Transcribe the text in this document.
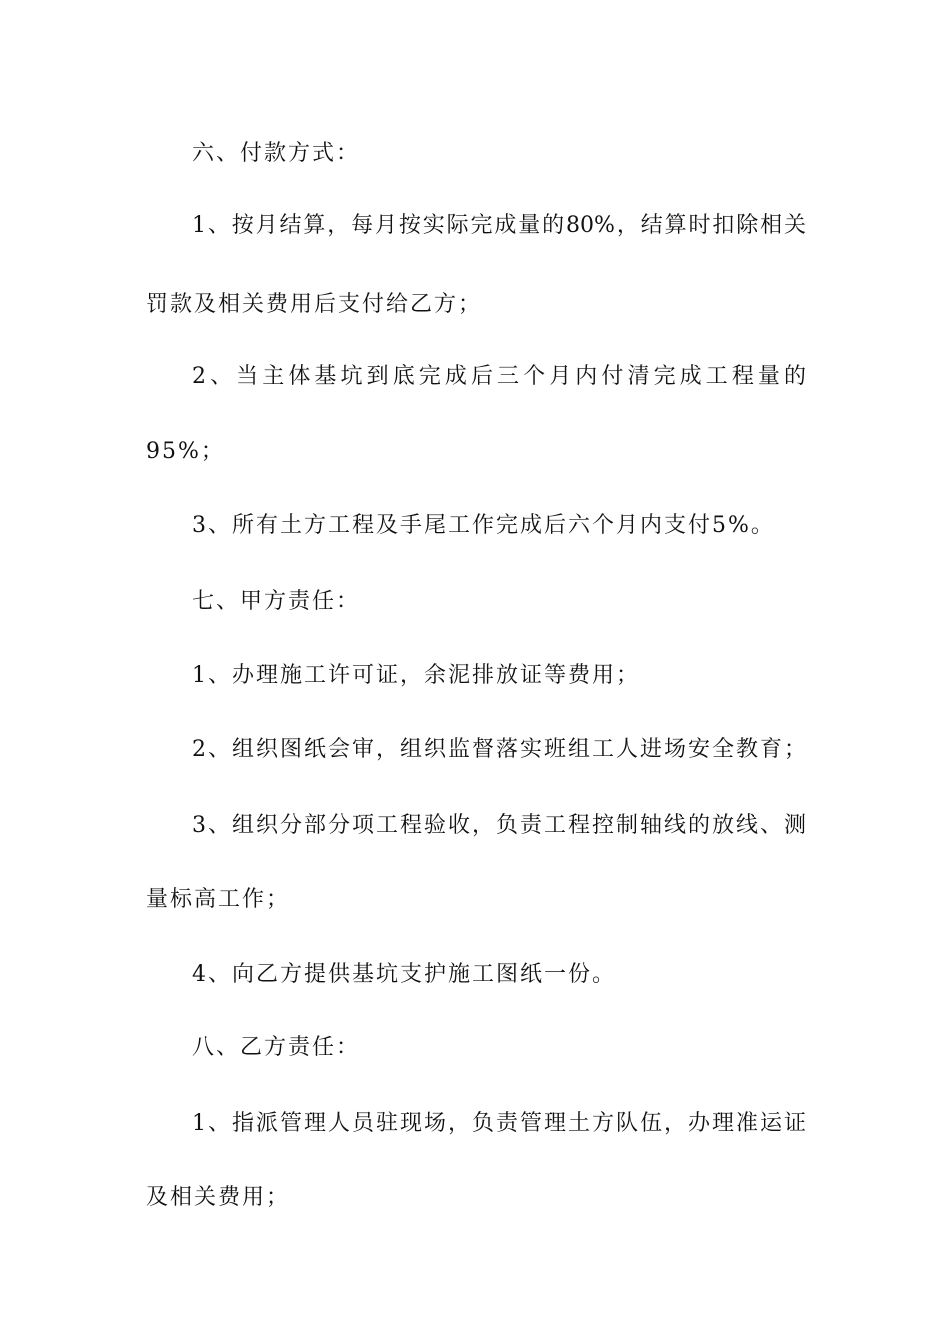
六、付款方式：
1、按月结算，每月按实际完成量的80%，结算时扣除相关
罚款及相关费用后支付给乙方；
2、当主体基坑到底完成后三个月内付清完成工程量的
95%；
3、所有土方工程及手尾工作完成后六个月内支付5%。
七、甲方责任：
1、办理施工许可证，余泥排放证等费用；
2、组织图纸会审，组织监督落实班组工人进场安全教育；
3、组织分部分项工程验收，负责工程控制轴线的放线、测
量标高工作；
4、向乙方提供基坑支护施工图纸一份。
八、乙方责任：
1、指派管理人员驻现场，负责管理土方队伍，办理准运证
及相关费用；
